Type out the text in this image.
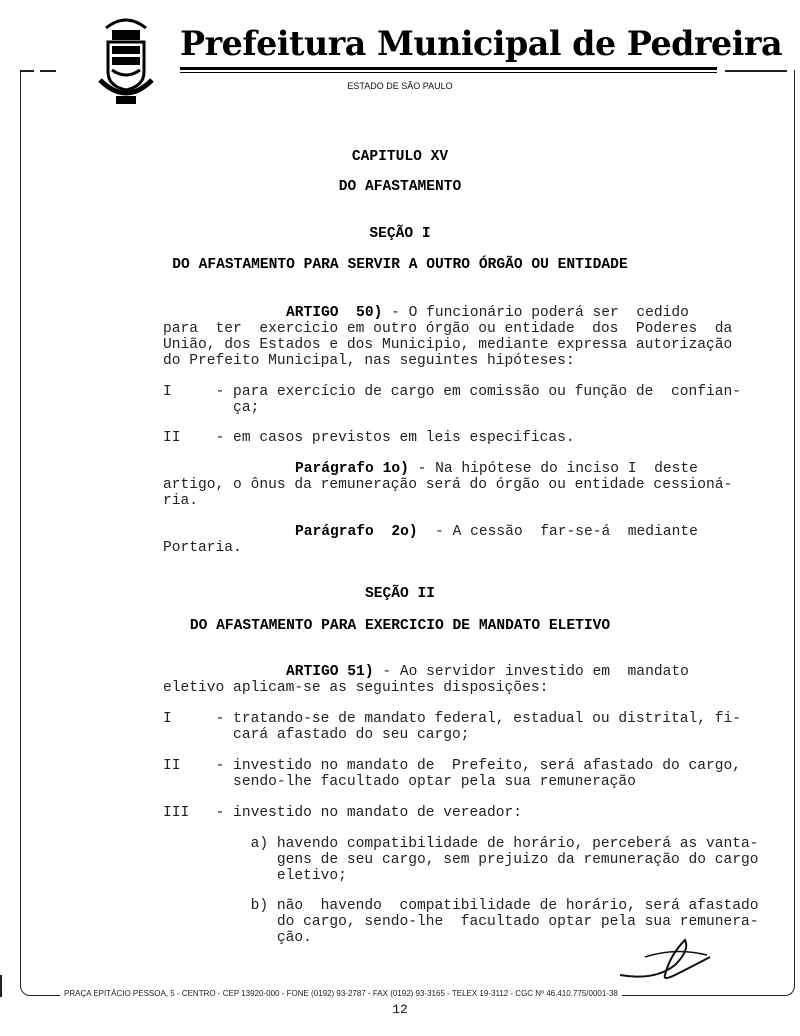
Prefeitura Municipal de Pedreira
ESTADO DE SÃO PAULO
CAPITULO XV
DO AFASTAMENTO
SEÇÃO I
DO AFASTAMENTO PARA SERVIR A OUTRO ÓRGÃO OU ENTIDADE
ARTIGO  50) - O funcionário poderá ser  cedido
para  ter  exercicio em outro órgão ou entidade  dos  Poderes  da
União, dos Estados e dos Municipio, mediante expressa autorização
do Prefeito Municipal, nas seguintes hipóteses:
I     - para exercício de cargo em comissão ou função de  confian-
ça;
II    - em casos previstos em leis especificas.
Parágrafo 1o) - Na hipótese do inciso I  deste
artigo, o ônus da remuneração será do órgão ou entidade cessioná-
ria.
Parágrafo  2o)  - A cessão  far-se-á  mediante
Portaria.
SEÇÃO II
DO AFASTAMENTO PARA EXERCICIO DE MANDATO ELETIVO
ARTIGO 51) - Ao servidor investido em  mandato
eletivo aplicam-se as seguintes disposições:
I     - tratando-se de mandato federal, estadual ou distrital, fi-
cará afastado do seu cargo;
II    - investido no mandato de  Prefeito, será afastado do cargo,
sendo-lhe facultado optar pela sua remuneração
III   - investido no mandato de vereador:
a) havendo compatibilidade de horário, perceberá as vanta-
gens de seu cargo, sem prejuizo da remuneração do cargo
eletivo;
b) não  havendo  compatibilidade de horário, será afastado
do cargo, sendo-lhe  facultado optar pela sua remunera-
ção.
PRAÇA EPITÁCIO PESSOA, 5 - CENTRO - CEP 13920-000 - FONE (0192) 93-2787 - FAX (0192) 93-3165 - TELEX 19-3112 - CGC Nº 46.410.775/0001-38
12
